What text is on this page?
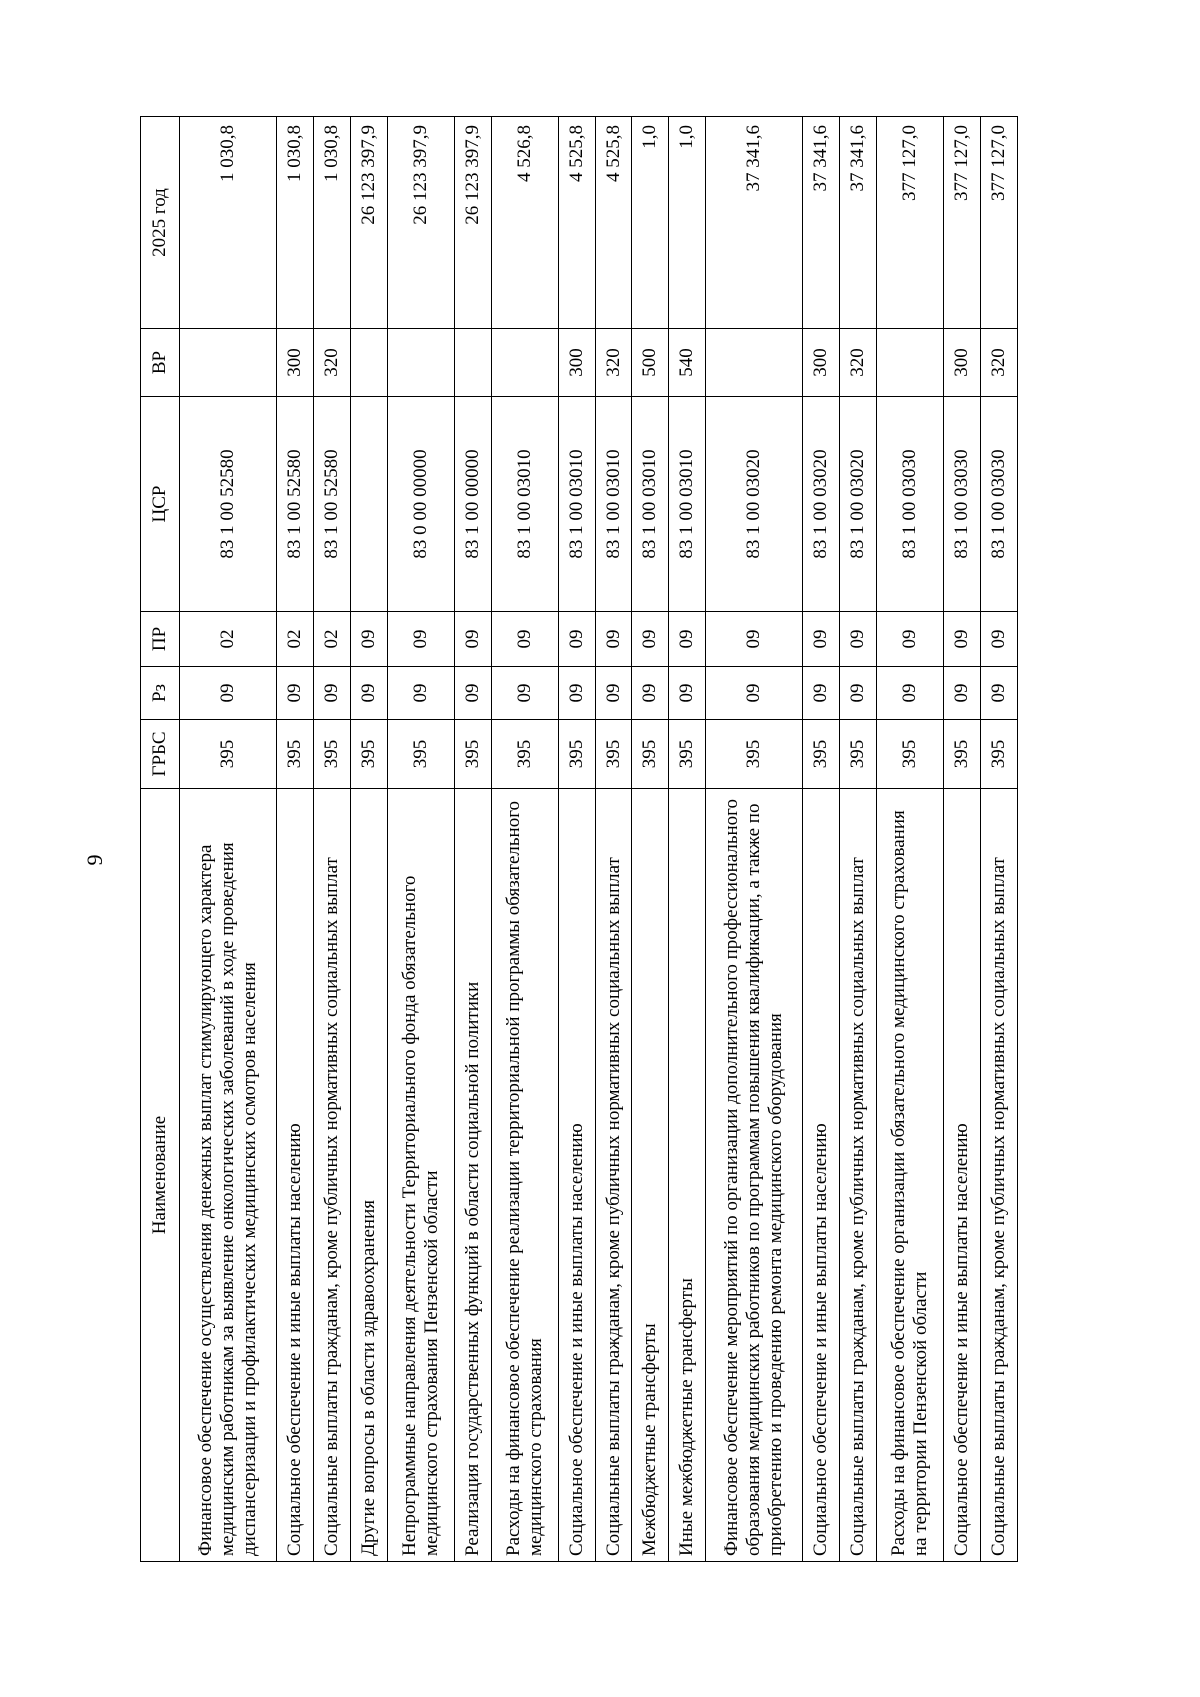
9
Наименование	ГРБС	Рз	ПР	ЦСР	ВР	2025 год
Финансовое обеспечение осуществления денежных выплат стимулирующего характера медицинским работникам за выявление онкологических заболеваний в ходе проведения диспансеризации и профилактических медицинских осмотров населения	395	09	02	83 1 00 52580		1 030,8
Социальное обеспечение и иные выплаты населению	395	09	02	83 1 00 52580	300	1 030,8
Социальные выплаты гражданам, кроме публичных нормативных социальных выплат	395	09	02	83 1 00 52580	320	1 030,8
Другие вопросы в области здравоохранения	395	09	09			26 123 397,9
Непрограммные направления деятельности Территориального фонда обязательного медицинского страхования Пензенской области	395	09	09	83 0 00 00000		26 123 397,9
Реализация государственных функций в области социальной политики	395	09	09	83 1 00 00000		26 123 397,9
Расходы на финансовое обеспечение реализации территориальной программы обязательного медицинского страхования	395	09	09	83 1 00 03010		4 526,8
Социальное обеспечение и иные выплаты населению	395	09	09	83 1 00 03010	300	4 525,8
Социальные выплаты гражданам, кроме публичных нормативных социальных выплат	395	09	09	83 1 00 03010	320	4 525,8
Межбюджетные трансферты	395	09	09	83 1 00 03010	500	1,0
Иные межбюджетные трансферты	395	09	09	83 1 00 03010	540	1,0
Финансовое обеспечение мероприятий по организации дополнительного профессионального образования медицинских работников по программам повышения квалификации, а также по приобретению и проведению ремонта медицинского оборудования	395	09	09	83 1 00 03020		37 341,6
Социальное обеспечение и иные выплаты населению	395	09	09	83 1 00 03020	300	37 341,6
Социальные выплаты гражданам, кроме публичных нормативных социальных выплат	395	09	09	83 1 00 03020	320	37 341,6
Расходы на финансовое обеспечение организации обязательного медицинского страхования на территории Пензенской области	395	09	09	83 1 00 03030		377 127,0
Социальное обеспечение и иные выплаты населению	395	09	09	83 1 00 03030	300	377 127,0
Социальные выплаты гражданам, кроме публичных нормативных социальных выплат	395	09	09	83 1 00 03030	320	377 127,0
